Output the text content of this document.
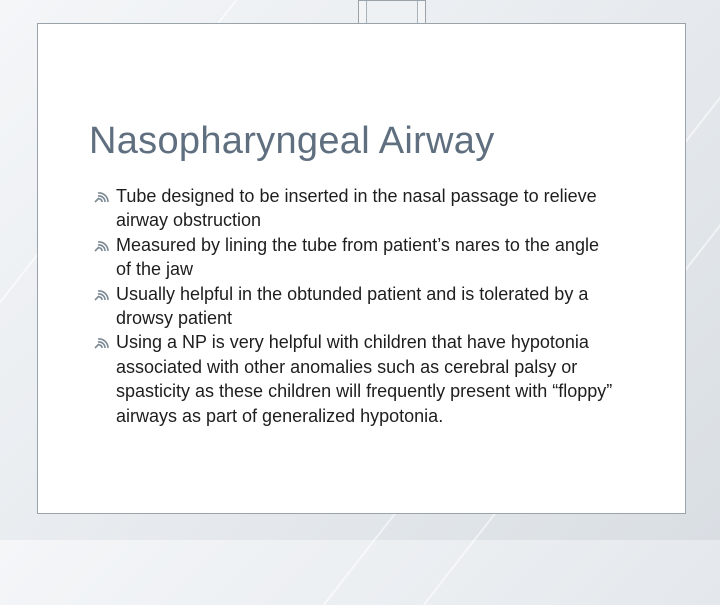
Nasopharyngeal Airway
Tube designed to be inserted in the nasal passage to relieve airway obstruction
Measured by lining the tube from patient’s nares to the angle of the jaw
Usually helpful in the obtunded patient and is tolerated by a drowsy patient
Using a NP is very helpful with children that have hypotonia associated with other anomalies such as cerebral palsy or spasticity as these children will frequently present with “floppy” airways as part of generalized hypotonia.
